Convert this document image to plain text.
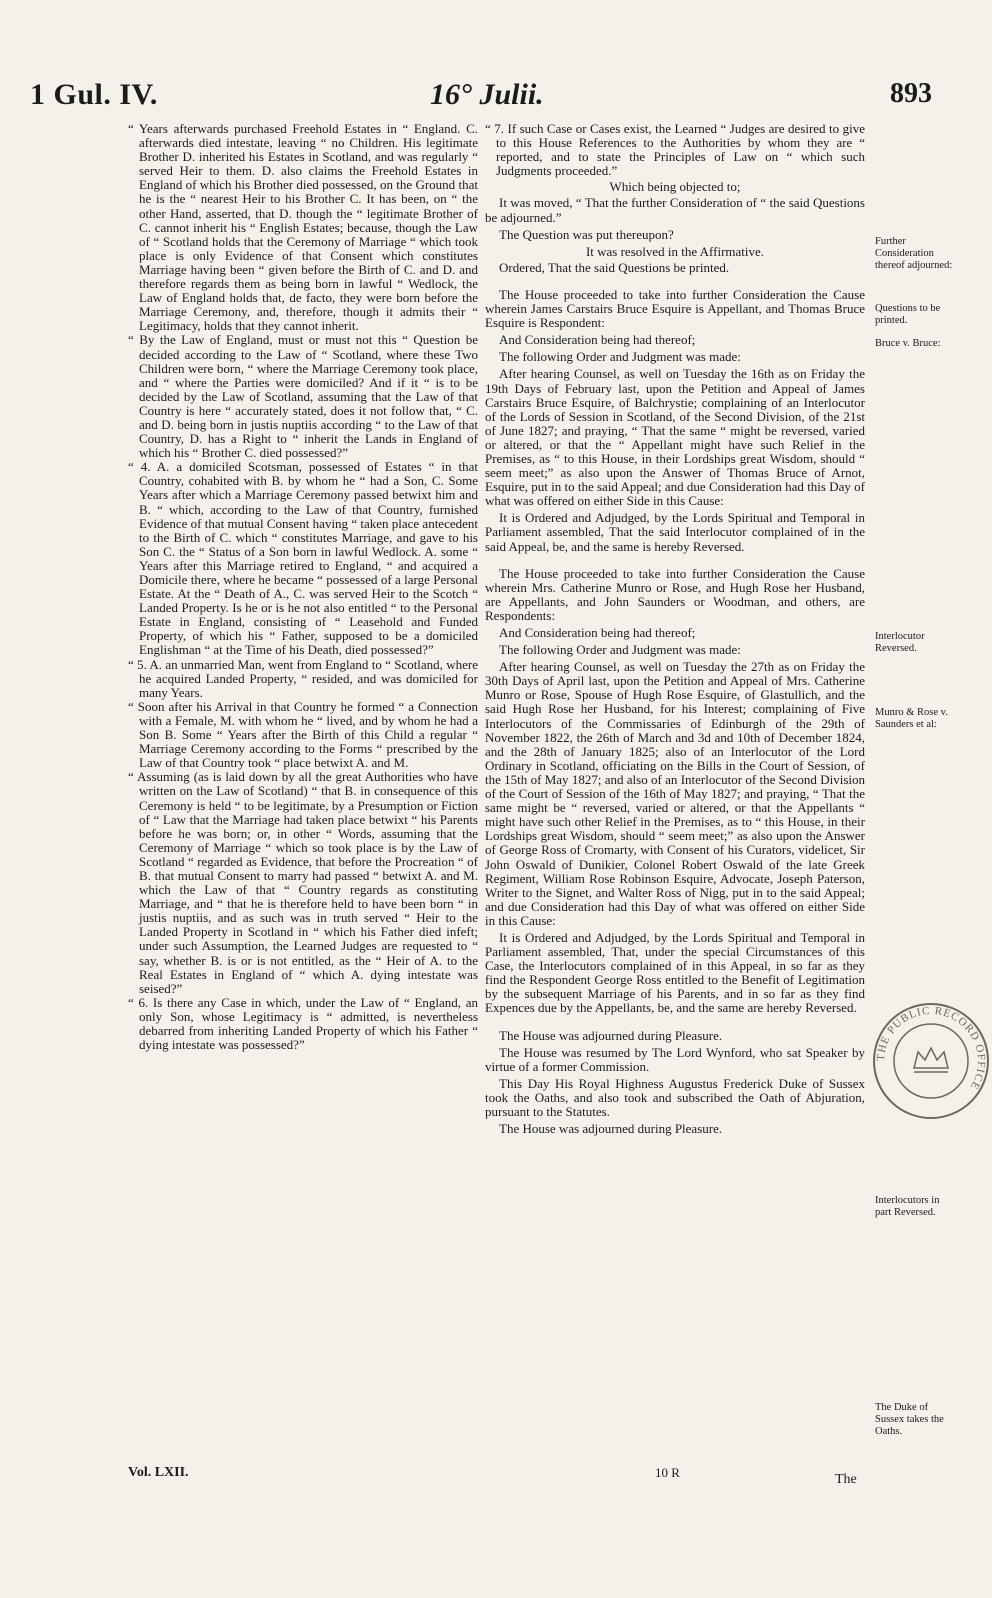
1 Gul. IV.	16° Julii.	893

“ Years afterwards purchased Freehold Estates in “ England. C. afterwards died intestate, leaving “ no Children. His legitimate Brother D. inherited his Estates in Scotland, and was regularly “ served Heir to them. D. also claims the Freehold Estates in England of which his Brother died possessed, on the Ground that he is the “ nearest Heir to his Brother C. It has been, on “ the other Hand, asserted, that D. though the “ legitimate Brother of C. cannot inherit his “ English Estates; because, though the Law of “ Scotland holds that the Ceremony of Marriage “ which took place is only Evidence of that Consent which constitutes Marriage having been “ given before the Birth of C. and D. and therefore regards them as being born in lawful “ Wedlock, the Law of England holds that, de facto, they were born before the Marriage Ceremony, and, therefore, though it admits their “ Legitimacy, holds that they cannot inherit.

“ By the Law of England, must or must not this “ Question be decided according to the Law of “ Scotland, where these Two Children were born, “ where the Marriage Ceremony took place, and “ where the Parties were domiciled? And if it “ is to be decided by the Law of Scotland, assuming that the Law of that Country is here “ accurately stated, does it not follow that, “ C. and D. being born in justis nuptiis according “ to the Law of that Country, D. has a Right to “ inherit the Lands in England of which his “ Brother C. died possessed?”

“ 4. A. a domiciled Scotsman, possessed of Estates “ in that Country, cohabited with B. by whom he “ had a Son, C. Some Years after which a Marriage Ceremony passed betwixt him and B. “ which, according to the Law of that Country, furnished Evidence of that mutual Consent having “ taken place antecedent to the Birth of C. which “ constitutes Marriage, and gave to his Son C. the “ Status of a Son born in lawful Wedlock. A. some “ Years after this Marriage retired to England, “ and acquired a Domicile there, where he became “ possessed of a large Personal Estate. At the “ Death of A., C. was served Heir to the Scotch “ Landed Property. Is he or is he not also entitled “ to the Personal Estate in England, consisting of “ Leasehold and Funded Property, of which his “ Father, supposed to be a domiciled Englishman “ at the Time of his Death, died possessed?”

“ 5. A. an unmarried Man, went from England to “ Scotland, where he acquired Landed Property, “ resided, and was domiciled for many Years.

“ Soon after his Arrival in that Country he formed “ a Connection with a Female, M. with whom he “ lived, and by whom he had a Son B. Some “ Years after the Birth of this Child a regular “ Marriage Ceremony according to the Forms “ prescribed by the Law of that Country took “ place betwixt A. and M.

“ Assuming (as is laid down by all the great Authorities who have written on the Law of Scotland) “ that B. in consequence of this Ceremony is held “ to be legitimate, by a Presumption or Fiction of “ Law that the Marriage had taken place betwixt “ his Parents before he was born; or, in other “ Words, assuming that the Ceremony of Marriage “ which so took place is by the Law of Scotland “ regarded as Evidence, that before the Procreation “ of B. that mutual Consent to marry had passed “ betwixt A. and M. which the Law of that “ Country regards as constituting Marriage, and “ that he is therefore held to have been born “ in justis nuptiis, and as such was in truth served “ Heir to the Landed Property in Scotland in “ which his Father died infeft; under such Assumption, the Learned Judges are requested to “ say, whether B. is or is not entitled, as the “ Heir of A. to the Real Estates in England of “ which A. dying intestate was seised?”

“ 6. Is there any Case in which, under the Law of “ England, an only Son, whose Legitimacy is “ admitted, is nevertheless debarred from inheriting Landed Property of which his Father “ dying intestate was possessed?”

“ 7. If such Case or Cases exist, the Learned “ Judges are desired to give to this House References to the Authorities by whom they are “ reported, and to state the Principles of Law on “ which such Judgments proceeded.”

Which being objected to;

It was moved, “ That the further Consideration of “ the said Questions be adjourned.”

The Question was put thereupon?

It was resolved in the Affirmative.

Ordered, That the said Questions be printed.

The House proceeded to take into further Consideration the Cause wherein James Carstairs Bruce Esquire is Appellant, and Thomas Bruce Esquire is Respondent:

And Consideration being had thereof;

The following Order and Judgment was made:

After hearing Counsel, as well on Tuesday the 16th as on Friday the 19th Days of February last, upon the Petition and Appeal of James Carstairs Bruce Esquire, of Balchrystie; complaining of an Interlocutor of the Lords of Session in Scotland, of the Second Division, of the 21st of June 1827; and praying, “ That the same “ might be reversed, varied or altered, or that the “ Appellant might have such Relief in the Premises, as “ to this House, in their Lordships great Wisdom, should “ seem meet;” as also upon the Answer of Thomas Bruce of Arnot, Esquire, put in to the said Appeal; and due Consideration had this Day of what was offered on either Side in this Cause:

It is Ordered and Adjudged, by the Lords Spiritual and Temporal in Parliament assembled, That the said Interlocutor complained of in the said Appeal, be, and the same is hereby Reversed.

The House proceeded to take into further Consideration the Cause wherein Mrs. Catherine Munro or Rose, and Hugh Rose her Husband, are Appellants, and John Saunders or Woodman, and others, are Respondents:

And Consideration being had thereof;

The following Order and Judgment was made:

After hearing Counsel, as well on Tuesday the 27th as on Friday the 30th Days of April last, upon the Petition and Appeal of Mrs. Catherine Munro or Rose, Spouse of Hugh Rose Esquire, of Glastullich, and the said Hugh Rose her Husband, for his Interest; complaining of Five Interlocutors of the Commissaries of Edinburgh of the 29th of November 1822, the 26th of March and 3d and 10th of December 1824, and the 28th of January 1825; also of an Interlocutor of the Lord Ordinary in Scotland, officiating on the Bills in the Court of Session, of the 15th of May 1827; and also of an Interlocutor of the Second Division of the Court of Session of the 16th of May 1827; and praying, “ That the same might be “ reversed, varied or altered, or that the Appellants “ might have such other Relief in the Premises, as to “ this House, in their Lordships great Wisdom, should “ seem meet;” as also upon the Answer of George Ross of Cromarty, with Consent of his Curators, videlicet, Sir John Oswald of Dunikier, Colonel Robert Oswald of the late Greek Regiment, William Rose Robinson Esquire, Advocate, Joseph Paterson, Writer to the Signet, and Walter Ross of Nigg, put in to the said Appeal; and due Consideration had this Day of what was offered on either Side in this Cause:

It is Ordered and Adjudged, by the Lords Spiritual and Temporal in Parliament assembled, That, under the special Circumstances of this Case, the Interlocutors complained of in this Appeal, in so far as they find the Respondent George Ross entitled to the Benefit of Legitimation by the subsequent Marriage of his Parents, and in so far as they find Expences due by the Appellants, be, and the same are hereby Reversed.

The House was adjourned during Pleasure.

The House was resumed by The Lord Wynford, who sat Speaker by virtue of a former Commission.

This Day His Royal Highness Augustus Frederick Duke of Sussex took the Oaths, and also took and subscribed the Oath of Abjuration, pursuant to the Statutes.

The House was adjourned during Pleasure.

Further Consideration thereof adjourned:
Questions to be printed.
Bruce v. Bruce:
Interlocutor Reversed.
Munro & Rose v. Saunders et al:
Interlocutors in part Reversed.
The Duke of Sussex takes the Oaths.
THE PUBLIC RECORD OFFICE
Vol. LXII.	10 R	The
